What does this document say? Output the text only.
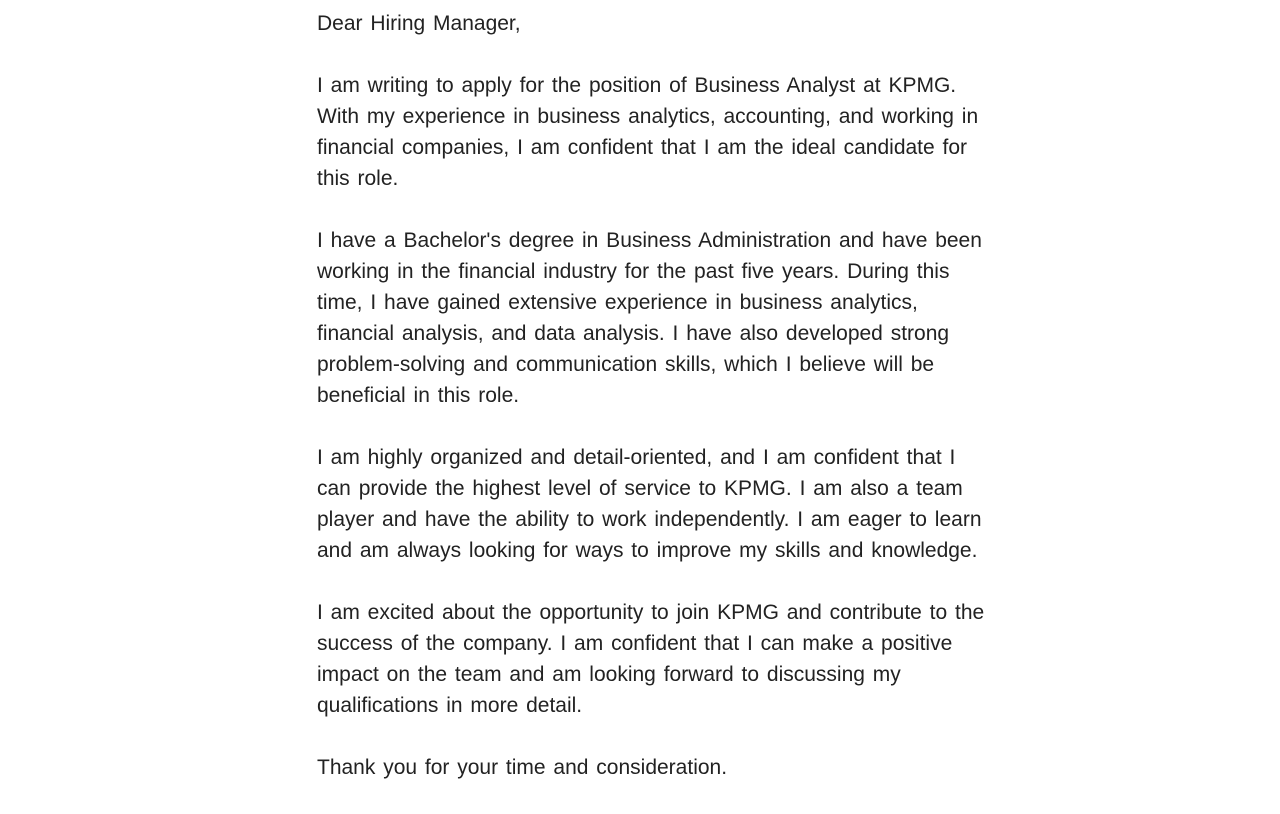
Dear Hiring Manager,

I am writing to apply for the position of Business Analyst at KPMG. With my experience in business analytics, accounting, and working in financial companies, I am confident that I am the ideal candidate for this role.

I have a Bachelor's degree in Business Administration and have been working in the financial industry for the past five years. During this time, I have gained extensive experience in business analytics, financial analysis, and data analysis. I have also developed strong problem-solving and communication skills, which I believe will be beneficial in this role.

I am highly organized and detail-oriented, and I am confident that I can provide the highest level of service to KPMG. I am also a team player and have the ability to work independently. I am eager to learn and am always looking for ways to improve my skills and knowledge.

I am excited about the opportunity to join KPMG and contribute to the success of the company. I am confident that I can make a positive impact on the team and am looking forward to discussing my qualifications in more detail.

Thank you for your time and consideration.
